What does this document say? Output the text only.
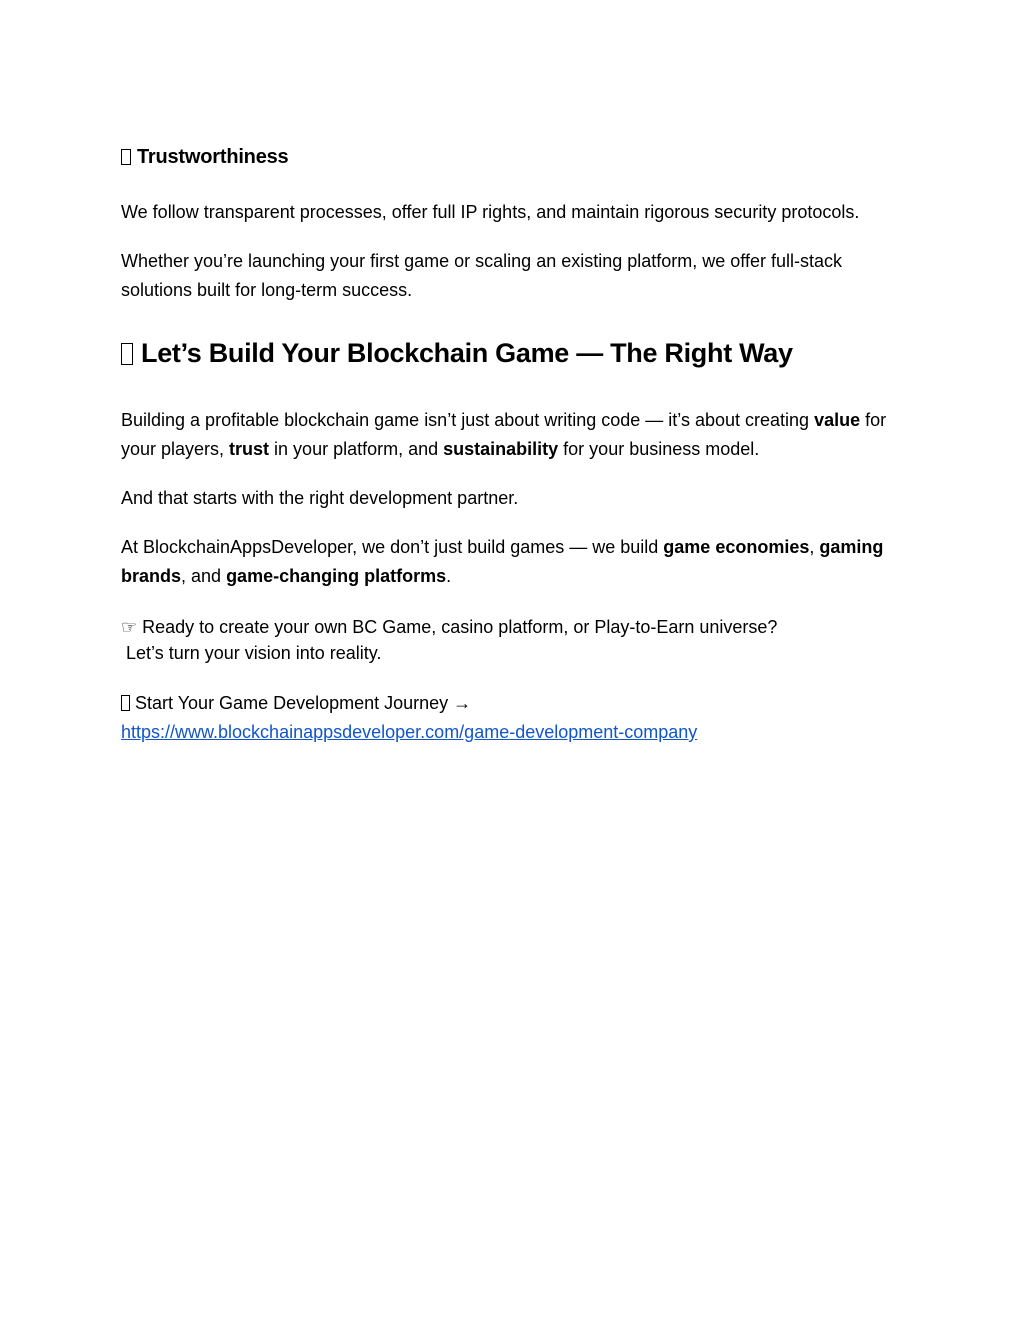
Trustworthiness

We follow transparent processes, offer full IP rights, and maintain rigorous security protocols.

Whether you’re launching your first game or scaling an existing platform, we offer full-stack solutions built for long-term success.

Let’s Build Your Blockchain Game — The Right Way

Building a profitable blockchain game isn’t just about writing code — it’s about creating value for your players, trust in your platform, and sustainability for your business model.

And that starts with the right development partner.

At BlockchainAppsDeveloper, we don’t just build games — we build game economies, gaming brands, and game-changing platforms.

☞ Ready to create your own BC Game, casino platform, or Play-to-Earn universe?
Let’s turn your vision into reality.

Start Your Game Development Journey →
https://www.blockchainappsdeveloper.com/game-development-company
